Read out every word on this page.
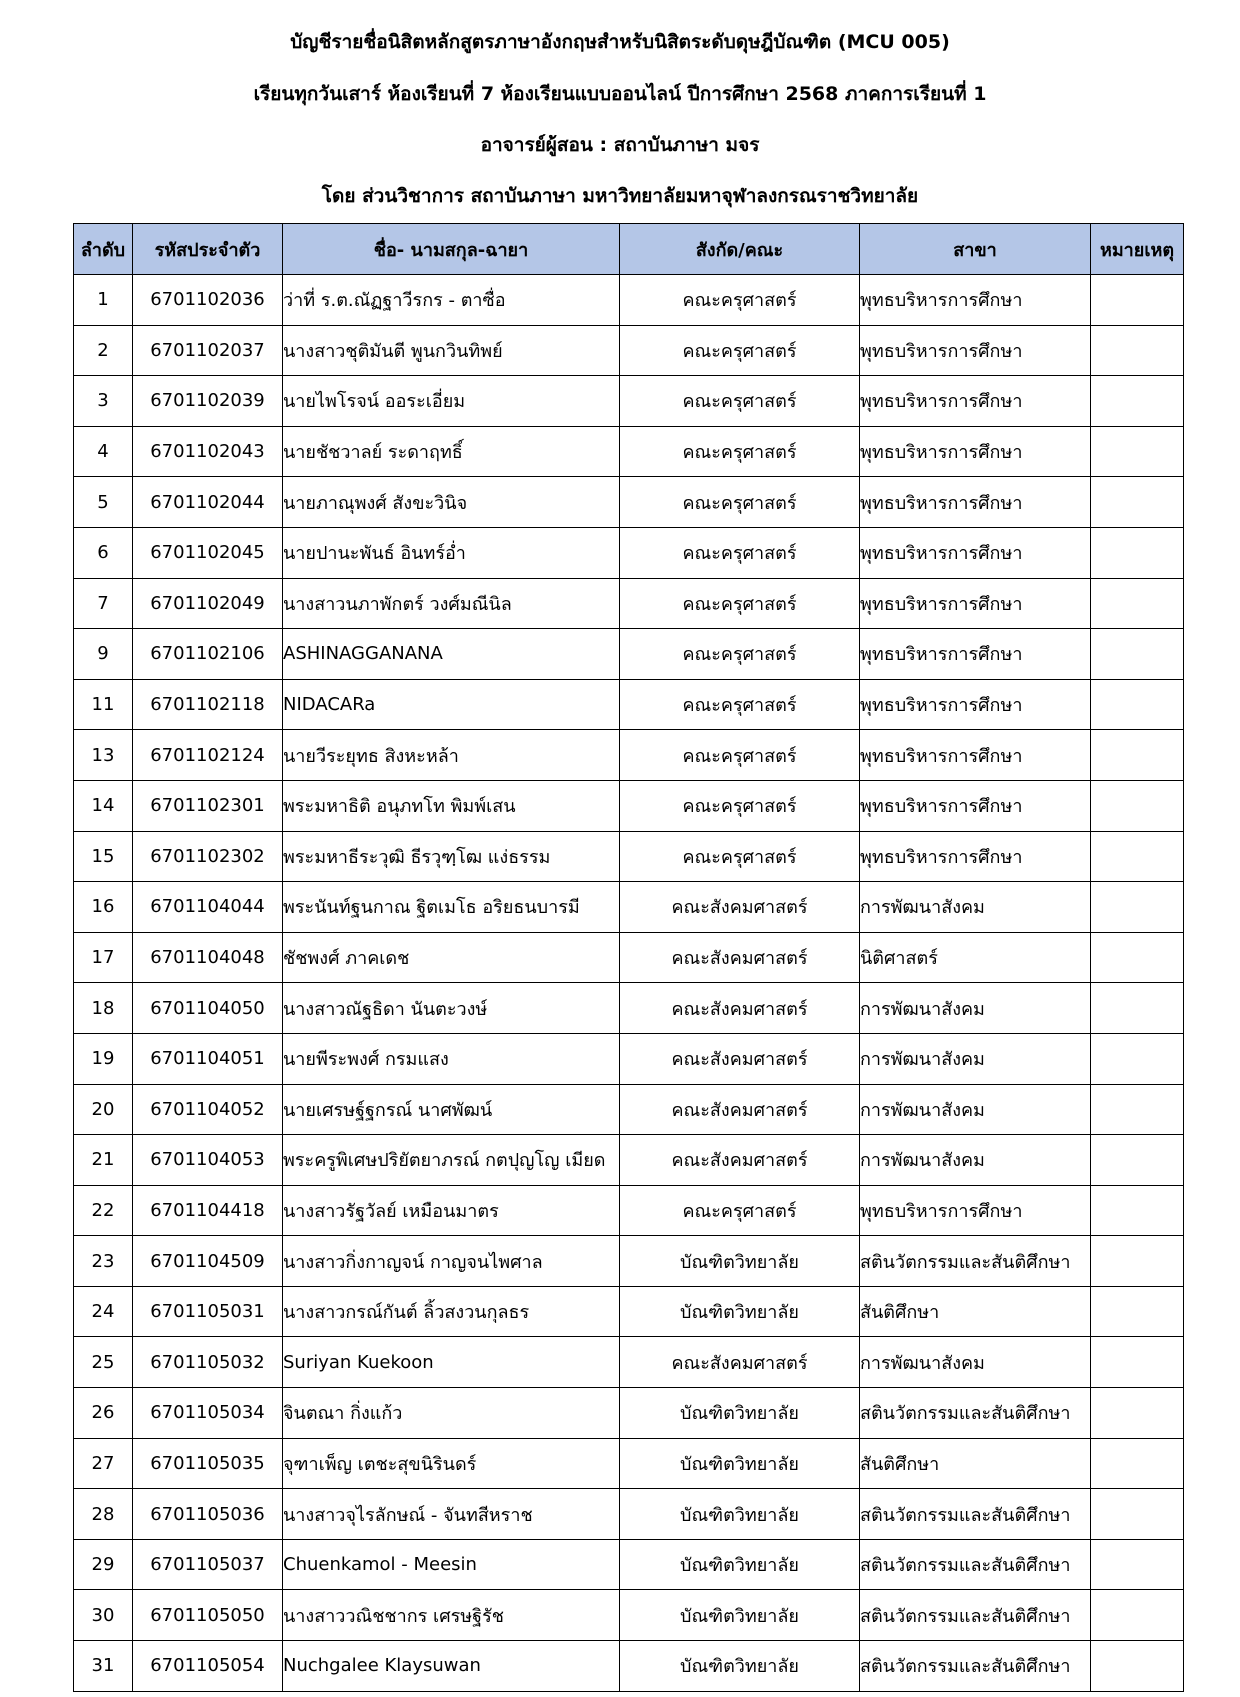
บัญชีรายชื่อนิสิตหลักสูตรภาษาอังกฤษสำหรับนิสิตระดับดุษฎีบัณฑิต (MCU 005)
เรียนทุกวันเสาร์ ห้องเรียนที่ 7 ห้องเรียนแบบออนไลน์ ปีการศึกษา 2568 ภาคการเรียนที่ 1
อาจารย์ผู้สอน : สถาบันภาษา มจร
โดย ส่วนวิชาการ สถาบันภาษา มหาวิทยาลัยมหาจุฬาลงกรณราชวิทยาลัย
ลำดับ	รหัสประจำตัว	ชื่อ- นามสกุล-ฉายา	สังกัด/คณะ	สาขา	หมายเหตุ
1	6701102036	ว่าที่ ร.ต.ณัฏฐาวีรกร - ตาซื่อ	คณะครุศาสตร์	พุทธบริหารการศึกษา	
2	6701102037	นางสาวชุติมันตี พูนกวินทิพย์	คณะครุศาสตร์	พุทธบริหารการศึกษา	
3	6701102039	นายไพโรจน์ ออระเอี่ยม	คณะครุศาสตร์	พุทธบริหารการศึกษา	
4	6701102043	นายชัชวาลย์ ระดาฤทธิ์	คณะครุศาสตร์	พุทธบริหารการศึกษา	
5	6701102044	นายภาณุพงศ์ สังขะวินิจ	คณะครุศาสตร์	พุทธบริหารการศึกษา	
6	6701102045	นายปานะพันธ์ อินทร์อ่ำ	คณะครุศาสตร์	พุทธบริหารการศึกษา	
7	6701102049	นางสาวนภาพักตร์ วงศ์มณีนิล	คณะครุศาสตร์	พุทธบริหารการศึกษา	
9	6701102106	ASHINAGGANANA	คณะครุศาสตร์	พุทธบริหารการศึกษา	
11	6701102118	NIDACARa	คณะครุศาสตร์	พุทธบริหารการศึกษา	
13	6701102124	นายวีระยุทธ สิงหะหล้า	คณะครุศาสตร์	พุทธบริหารการศึกษา	
14	6701102301	พระมหาธิติ อนุภทโท พิมพ์เสน	คณะครุศาสตร์	พุทธบริหารการศึกษา	
15	6701102302	พระมหาธีระวุฒิ ธีรวุฑฺโฒ แง่ธรรม	คณะครุศาสตร์	พุทธบริหารการศึกษา	
16	6701104044	พระนันท์ฐนกาณ ฐิตเมโธ อริยธนบารมี	คณะสังคมศาสตร์	การพัฒนาสังคม	
17	6701104048	ชัชพงศ์ ภาคเดช	คณะสังคมศาสตร์	นิติศาสตร์	
18	6701104050	นางสาวณัฐธิดา นันตะวงษ์	คณะสังคมศาสตร์	การพัฒนาสังคม	
19	6701104051	นายพีระพงศ์ กรมแสง	คณะสังคมศาสตร์	การพัฒนาสังคม	
20	6701104052	นายเศรษฐ์ฐกรณ์ นาศพัฒน์	คณะสังคมศาสตร์	การพัฒนาสังคม	
21	6701104053	พระครูพิเศษปริยัตยาภรณ์ กตปุญโญ เมียด	คณะสังคมศาสตร์	การพัฒนาสังคม	
22	6701104418	นางสาวรัฐวัลย์ เหมือนมาตร	คณะครุศาสตร์	พุทธบริหารการศึกษา	
23	6701104509	นางสาวกิ่งกาญจน์ กาญจนไพศาล	บัณฑิตวิทยาลัย	สตินวัตกรรมและสันติศึกษา	
24	6701105031	นางสาวกรณ์กันต์ ลิ้วสงวนกุลธร	บัณฑิตวิทยาลัย	สันติศึกษา	
25	6701105032	Suriyan Kuekoon	คณะสังคมศาสตร์	การพัฒนาสังคม	
26	6701105034	จินตณา กิ่งแก้ว	บัณฑิตวิทยาลัย	สตินวัตกรรมและสันติศึกษา	
27	6701105035	จุฑาเพ็ญ เตชะสุขนิรินดร์	บัณฑิตวิทยาลัย	สันติศึกษา	
28	6701105036	นางสาวจุไรลักษณ์ - จันทสีหราช	บัณฑิตวิทยาลัย	สตินวัตกรรมและสันติศึกษา	
29	6701105037	Chuenkamol - Meesin	บัณฑิตวิทยาลัย	สตินวัตกรรมและสันติศึกษา	
30	6701105050	นางสาววณิชชากร เศรษฐิรัช	บัณฑิตวิทยาลัย	สตินวัตกรรมและสันติศึกษา	
31	6701105054	Nuchgalee Klaysuwan	บัณฑิตวิทยาลัย	สตินวัตกรรมและสันติศึกษา	
